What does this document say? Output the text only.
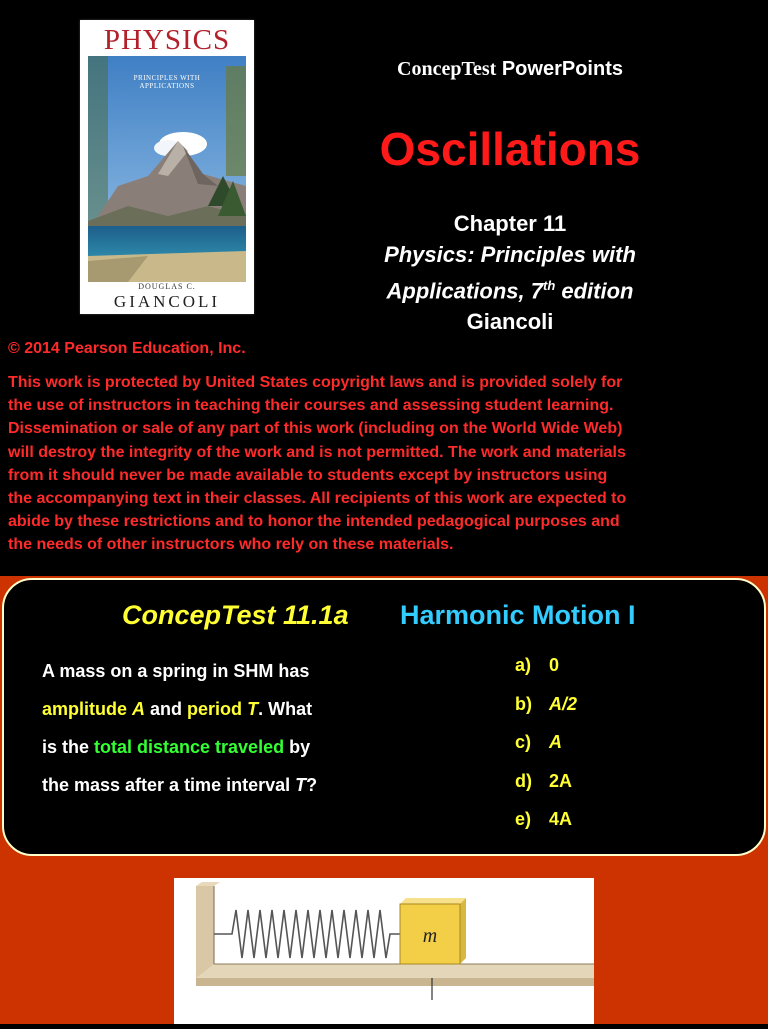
PHYSICS
PRINCIPLES WITH
APPLICATIONS
DOUGLAS C.
GIANCOLI
ConcepTest PowerPoints
Oscillations
Chapter 11
Physics: Principles with
Applications, 7th edition
Giancoli
© 2014 Pearson Education, Inc.
This work is protected by United States copyright laws and is provided solely for
the use of instructors in teaching their courses and assessing student learning.
Dissemination or sale of any part of this work (including on the World Wide Web)
will destroy the integrity of the work and is not permitted. The work and materials
from it should never be made available to students except by instructors using
the accompanying text in their classes. All recipients of this work are expected to
abide by these restrictions and to honor the intended pedagogical purposes and
the needs of other instructors who rely on these materials.
ConcepTest 11.1a Harmonic Motion I
A mass on a spring in SHM has
amplitude A and period T. What
is the total distance traveled by
the mass after a time interval T?
a) 0
b) A/2
c) A
d) 2A
e) 4A
m
